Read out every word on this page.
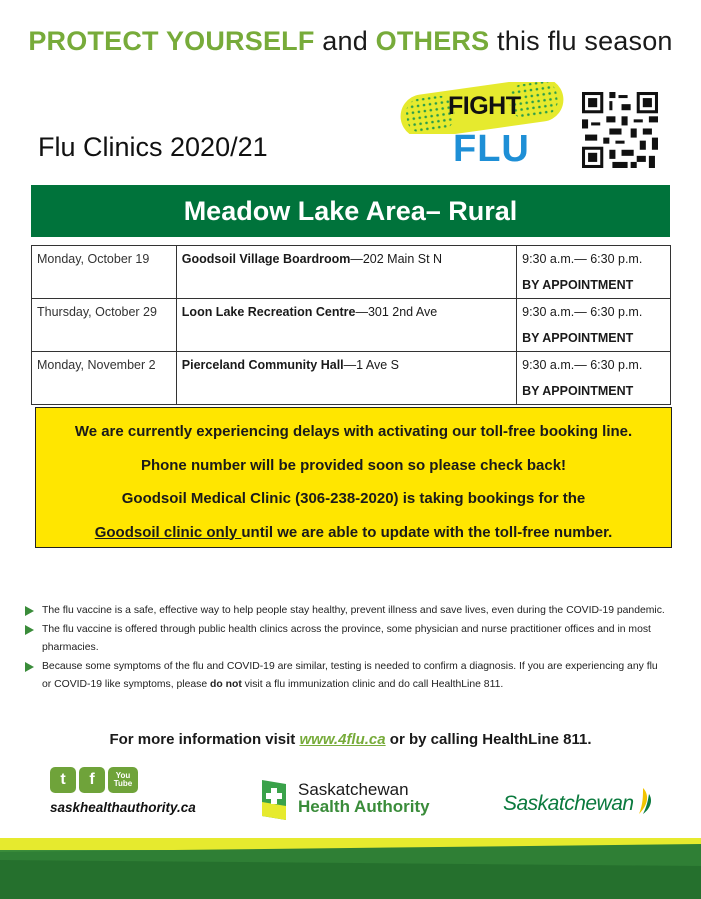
PROTECT YOURSELF and OTHERS this flu season
Flu Clinics 2020/21
FIGHT
FLU
Meadow Lake Area– Rural
Monday, October 19	Goodsoil Village Boardroom—202 Main St N	9:30 a.m.— 6:30 p.m.
BY APPOINTMENT

Thursday, October 29	Loon Lake Recreation Centre—301 2nd Ave	9:30 a.m.— 6:30 p.m.
BY APPOINTMENT

Monday, November 2	Pierceland Community Hall—1 Ave S	9:30 a.m.— 6:30 p.m.
BY APPOINTMENT

We are currently experiencing delays with activating our toll-free booking line.

Phone number will be provided soon so please check back!

Goodsoil Medical Clinic (306-238-2020) is taking bookings for the

Goodsoil clinic only until we are able to update with the toll-free number.

The flu vaccine is a safe, effective way to help people stay healthy, prevent illness and save lives, even during the COVID-19 pandemic.
The flu vaccine is offered through public health clinics across the province, some physician and nurse practitioner offices and in most pharmacies.
Because some symptoms of the flu and COVID-19 are similar, testing is needed to confirm a diagnosis. If you are experiencing any flu or COVID-19 like symptoms, please do not visit a flu immunization clinic and do call HealthLine 811.
For more information visit www.4flu.ca or by calling HealthLine 811.
t f	You
Tube
saskhealthauthority.ca
Saskatchewan
Health Authority	Saskatchewan
